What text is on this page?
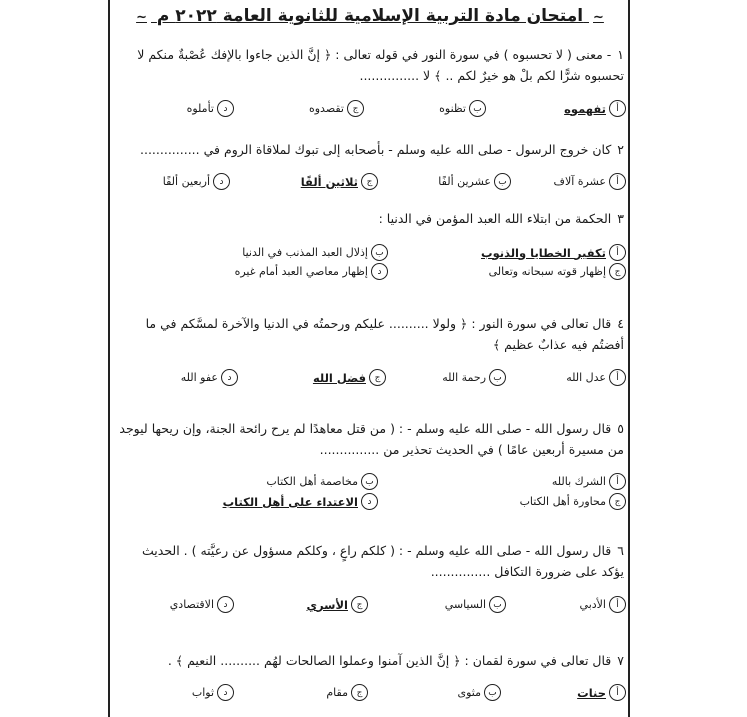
∽ امتحان مادة التربية الإسلامية للثانوية العامة ٢٠٢٢ م ∽
١- معنى ( لا تحسبوه ) في سورة النور في قوله تعالى : ﴿ إنَّ الذين جاءوا بالإفك عُصْبةٌ منكم لا تحسبوه شرًّا لكم بلْ هو خيرٌ لكم .. ﴾ لا ...............
أ
تفهموه
ب
تظنوه
ج
تقصدوه
د
تأملوه
٢كان خروج الرسول - صلى الله عليه وسلم - بأصحابه إلى تبوك لملاقاة الروم في ...............
أ
عشرة آلاف
ب
عشرين ألفًا
ج
ثلاثين ألفًا
د
أربعين ألفًا
٣الحكمة من ابتلاء الله العبد المؤمن في الدنيا :
أ
تكفير الخطايا والذنوب
ب
إذلال العبد المذنب في الدنيا
ج
إظهار قوته سبحانه وتعالى
د
إظهار معاصي العبد أمام غيره
٤قال تعالى في سورة النور : ﴿ ولولا .......... عليكم ورحمتُه في الدنيا والآخرة لمسَّكم في ما أفضتُم فيه عذابٌ عظيم ﴾
أ
عدل الله
ب
رحمة الله
ج
فضل الله
د
عفو الله
٥قال رسول الله - صلى الله عليه وسلم - : ( من قتل معاهدًا لم يرح رائحة الجنة، وإن ريحها ليوجد من مسيرة أربعين عامًا ) في الحديث تحذير من ...............
أ
الشرك بالله
ب
مخاصمة أهل الكتاب
ج
محاورة أهل الكتاب
د
الاعتداء على أهل الكتاب
٦قال رسول الله - صلى الله عليه وسلم - : ( كلكم راعٍ ، وكلكم مسؤول عن رعيَّته ) . الحديث يؤكد على ضرورة التكافل ...............
أ
الأدبي
ب
السياسي
ج
الأسري
د
الاقتصادي
٧قال تعالى في سورة لقمان : ﴿ إنَّ الذين آمنوا وعملوا الصالحات لهُم .......... النعيم ﴾ .
أ
جنات
ب
مثوى
ج
مقام
د
ثواب
